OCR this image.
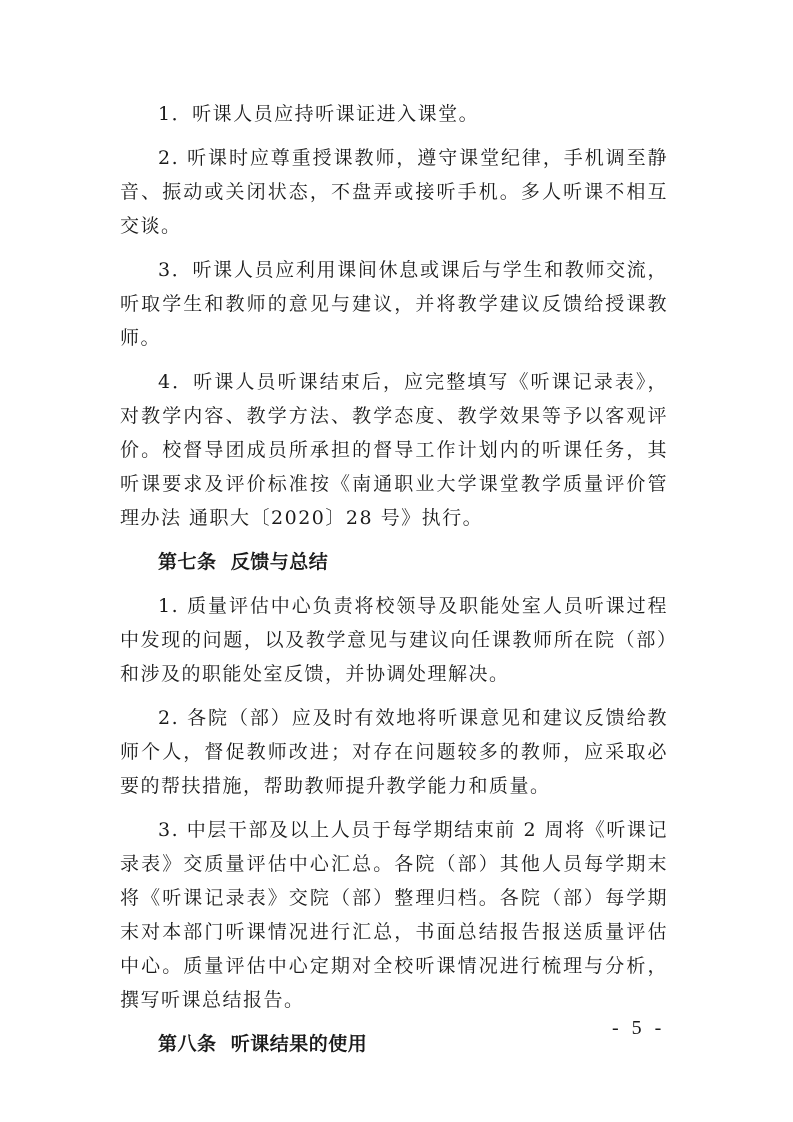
1．听课人员应持听课证进入课堂。

2. 听课时应尊重授课教师，遵守课堂纪律，手机调至静音、振动或关闭状态，不盘弄或接听手机。多人听课不相互交谈。

3．听课人员应利用课间休息或课后与学生和教师交流，听取学生和教师的意见与建议，并将教学建议反馈给授课教师。

4．听课人员听课结束后，应完整填写《听课记录表》，对教学内容、教学方法、教学态度、教学效果等予以客观评价。校督导团成员所承担的督导工作计划内的听课任务，其听课要求及评价标准按《南通职业大学课堂教学质量评价管理办法 通职大〔2020〕28 号》执行。

第七条  反馈与总结

1. 质量评估中心负责将校领导及职能处室人员听课过程中发现的问题，以及教学意见与建议向任课教师所在院（部）和涉及的职能处室反馈，并协调处理解决。

2. 各院（部）应及时有效地将听课意见和建议反馈给教师个人，督促教师改进；对存在问题较多的教师，应采取必要的帮扶措施，帮助教师提升教学能力和质量。

3. 中层干部及以上人员于每学期结束前 2 周将《听课记录表》交质量评估中心汇总。各院（部）其他人员每学期末将《听课记录表》交院（部）整理归档。各院（部）每学期末对本部门听课情况进行汇总，书面总结报告报送质量评估中心。质量评估中心定期对全校听课情况进行梳理与分析，撰写听课总结报告。

第八条  听课结果的使用
- 5 -
